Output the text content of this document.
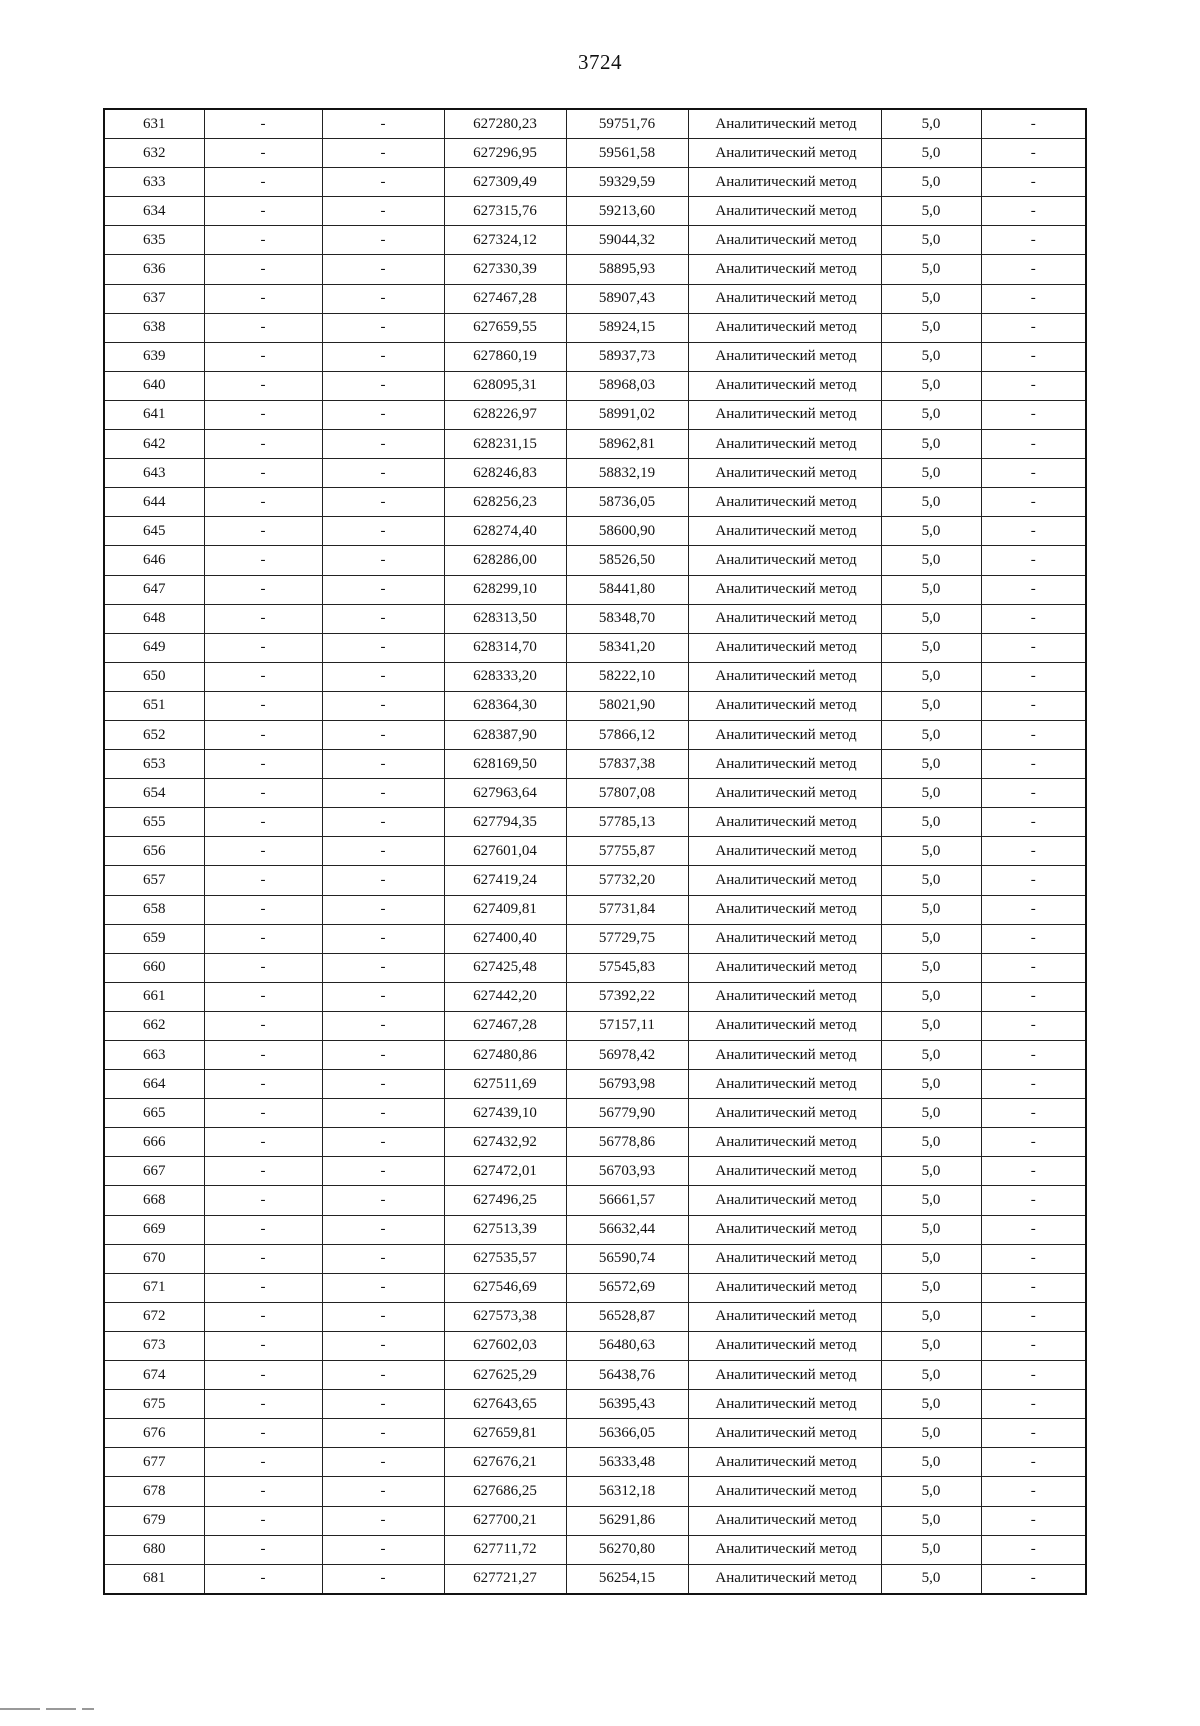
3724
631	-	-	627280,23	59751,76	Аналитический метод	5,0	-
632	-	-	627296,95	59561,58	Аналитический метод	5,0	-
633	-	-	627309,49	59329,59	Аналитический метод	5,0	-
634	-	-	627315,76	59213,60	Аналитический метод	5,0	-
635	-	-	627324,12	59044,32	Аналитический метод	5,0	-
636	-	-	627330,39	58895,93	Аналитический метод	5,0	-
637	-	-	627467,28	58907,43	Аналитический метод	5,0	-
638	-	-	627659,55	58924,15	Аналитический метод	5,0	-
639	-	-	627860,19	58937,73	Аналитический метод	5,0	-
640	-	-	628095,31	58968,03	Аналитический метод	5,0	-
641	-	-	628226,97	58991,02	Аналитический метод	5,0	-
642	-	-	628231,15	58962,81	Аналитический метод	5,0	-
643	-	-	628246,83	58832,19	Аналитический метод	5,0	-
644	-	-	628256,23	58736,05	Аналитический метод	5,0	-
645	-	-	628274,40	58600,90	Аналитический метод	5,0	-
646	-	-	628286,00	58526,50	Аналитический метод	5,0	-
647	-	-	628299,10	58441,80	Аналитический метод	5,0	-
648	-	-	628313,50	58348,70	Аналитический метод	5,0	-
649	-	-	628314,70	58341,20	Аналитический метод	5,0	-
650	-	-	628333,20	58222,10	Аналитический метод	5,0	-
651	-	-	628364,30	58021,90	Аналитический метод	5,0	-
652	-	-	628387,90	57866,12	Аналитический метод	5,0	-
653	-	-	628169,50	57837,38	Аналитический метод	5,0	-
654	-	-	627963,64	57807,08	Аналитический метод	5,0	-
655	-	-	627794,35	57785,13	Аналитический метод	5,0	-
656	-	-	627601,04	57755,87	Аналитический метод	5,0	-
657	-	-	627419,24	57732,20	Аналитический метод	5,0	-
658	-	-	627409,81	57731,84	Аналитический метод	5,0	-
659	-	-	627400,40	57729,75	Аналитический метод	5,0	-
660	-	-	627425,48	57545,83	Аналитический метод	5,0	-
661	-	-	627442,20	57392,22	Аналитический метод	5,0	-
662	-	-	627467,28	57157,11	Аналитический метод	5,0	-
663	-	-	627480,86	56978,42	Аналитический метод	5,0	-
664	-	-	627511,69	56793,98	Аналитический метод	5,0	-
665	-	-	627439,10	56779,90	Аналитический метод	5,0	-
666	-	-	627432,92	56778,86	Аналитический метод	5,0	-
667	-	-	627472,01	56703,93	Аналитический метод	5,0	-
668	-	-	627496,25	56661,57	Аналитический метод	5,0	-
669	-	-	627513,39	56632,44	Аналитический метод	5,0	-
670	-	-	627535,57	56590,74	Аналитический метод	5,0	-
671	-	-	627546,69	56572,69	Аналитический метод	5,0	-
672	-	-	627573,38	56528,87	Аналитический метод	5,0	-
673	-	-	627602,03	56480,63	Аналитический метод	5,0	-
674	-	-	627625,29	56438,76	Аналитический метод	5,0	-
675	-	-	627643,65	56395,43	Аналитический метод	5,0	-
676	-	-	627659,81	56366,05	Аналитический метод	5,0	-
677	-	-	627676,21	56333,48	Аналитический метод	5,0	-
678	-	-	627686,25	56312,18	Аналитический метод	5,0	-
679	-	-	627700,21	56291,86	Аналитический метод	5,0	-
680	-	-	627711,72	56270,80	Аналитический метод	5,0	-
681	-	-	627721,27	56254,15	Аналитический метод	5,0	-
